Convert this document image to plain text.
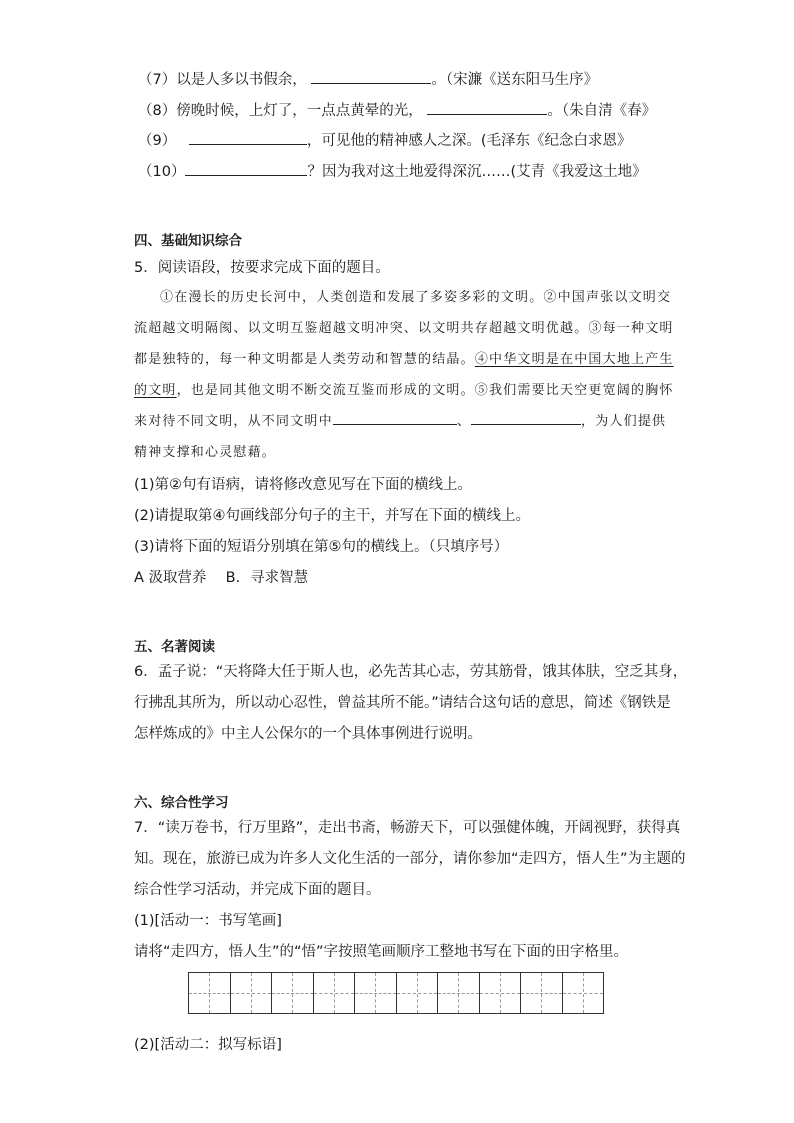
（7）以是人多以书假余，	。（宋濂《送东阳马生序》
（8）傍晚时候，上灯了，一点点黄晕的光，	。（朱自清《春》
（9）	，可见他的精神感人之深。(毛泽东《纪念白求恩》
（10）	？因为我对这土地爱得深沉……(艾青《我爱这土地》
四、基础知识综合
5．阅读语段，按要求完成下面的题目。
①在漫长的历史长河中，人类创造和发展了多姿多彩的文明。②中国声张以文明交
流超越文明隔阂、以文明互鉴超越文明冲突、以文明共存超越文明优越。③每一种文明
都是独特的，每一种文明都是人类劳动和智慧的结晶。④中华文明是在中国大地上产生
的文明，也是同其他文明不断交流互鉴而形成的文明。⑤我们需要比天空更宽阔的胸怀
来对待不同文明，从不同文明中	、	，为人们提供
精神支撑和心灵慰藉。
(1)第②句有语病，请将修改意见写在下面的横线上。
(2)请提取第④句画线部分句子的主干，并写在下面的横线上。
(3)请将下面的短语分别填在第⑤句的横线上。（只填序号）
A 汲取营养　 B．寻求智慧
五、名著阅读
6．孟子说：“天将降大任于斯人也，必先苦其心志，劳其筋骨，饿其体肤，空乏其身，
行拂乱其所为，所以动心忍性，曾益其所不能。”请结合这句话的意思，简述《钢铁是
怎样炼成的》中主人公保尔的一个具体事例进行说明。
六、综合性学习
7．“读万卷书，行万里路”，走出书斋，畅游天下，可以强健体魄，开阔视野，获得真
知。现在，旅游已成为许多人文化生活的一部分，请你参加“走四方，悟人生”为主题的
综合性学习活动，并完成下面的题目。
(1)[活动一：书写笔画]
请将“走四方，悟人生”的“悟”字按照笔画顺序工整地书写在下面的田字格里。
(2)[活动二：拟写标语]
